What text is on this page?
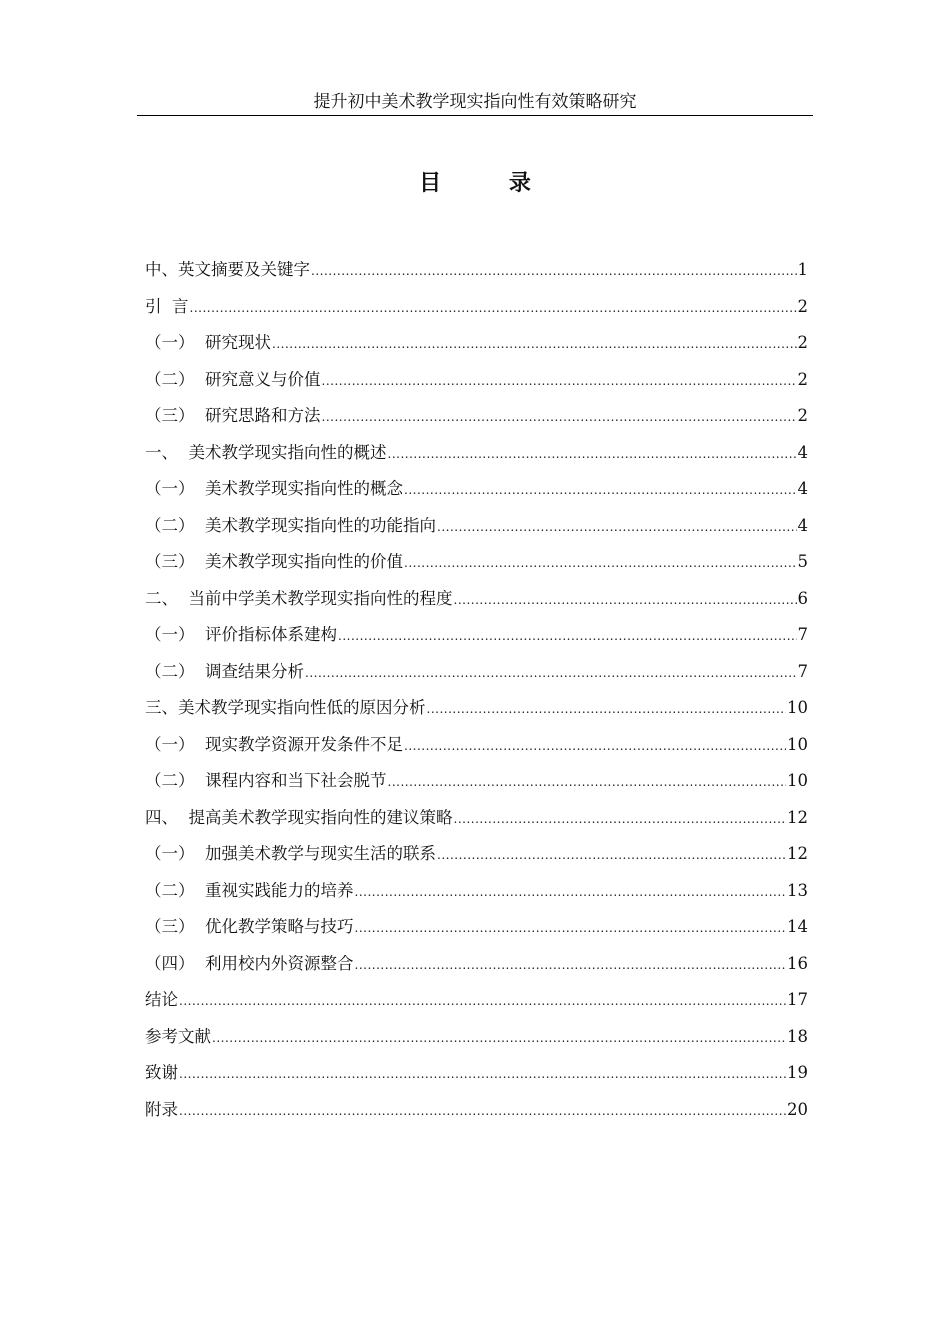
提升初中美术教学现实指向性有效策略研究
目 录
中、英文摘要及关键字 .....	1
引  言 .....	2
（一）  研究现状 .....	2
（二）  研究意义与价值 .....	2
（三）  研究思路和方法 .....	2
一、  美术教学现实指向性的概述 .....	4
（一）  美术教学现实指向性的概念 .....	4
（二）  美术教学现实指向性的功能指向 .....	4
（三）  美术教学现实指向性的价值 .....	5
二、  当前中学美术教学现实指向性的程度 .....	6
（一）  评价指标体系建构 .....	7
（二）  调查结果分析 .....	7
三、美术教学现实指向性低的原因分析 .....	10
（一）  现实教学资源开发条件不足 .....	10
（二）  课程内容和当下社会脱节 .....	10
四、  提高美术教学现实指向性的建议策略 .....	12
（一）  加强美术教学与现实生活的联系 .....	12
（二）  重视实践能力的培养 .....	13
（三）  优化教学策略与技巧 .....	14
（四）  利用校内外资源整合 .....	16
结论 .....	17
参考文献 .....	18
致谢 .....	19
附录 .....	20
